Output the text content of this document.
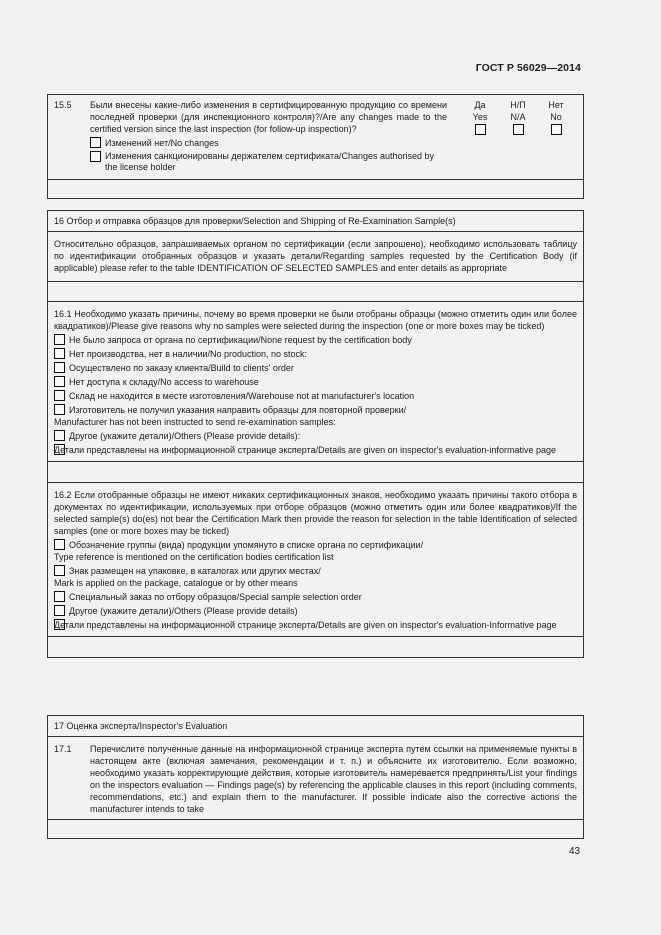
ГОСТ Р 56029—2014
15.5	Были внесены какие-либо изменения в сертифицированную продукцию со времени последней проверки (для инспекционного контроля)?/Are any changes made to the certified version since the last inspection (for follow-up inspection)?
Изменений нет/No changes
Изменения санкционированы держателем сертификата/Changes authorised by the license holder
Да
Yes
Н/П
N/A
Нет
No
16 Отбор и отправка образцов для проверки/Selection and Shipping of Re-Examination Sample(s)
Относительно образцов, запрашиваемых органом по сертификации (если запрошено), необходимо использовать таблицу по идентификации отобранных образцов и указать детали/Regarding samples requested by the Certification Body (if applicable) please refer to the table IDENTIFICATION OF SELECTED SAMPLES and enter details as appropriate
16.1 Необходимо указать причины, почему во время проверки не были отобраны образцы (можно отметить один или более квадратиков)/Please give reasons why no samples were selected during the inspection (one or more boxes may be ticked)
Не было запроса от органа по сертификации/None request by the certification body
Нет производства, нет в наличии/No production, no stock:
Осуществлено по заказу клиента/Build to clients' order
Нет доступа к складу/No access to warehouse
Склад не находится в месте изготовления/Warehouse not at manufacturer's location
Изготовитель не получил указания направить образцы для повторной проверки/
Manufacturer has not been instructed to send re-examination samples:
Другое (укажите детали)/Others (Please provide details):
Детали представлены на информационной странице эксперта/Details are given on inspector's evaluation-informative page
16.2 Если отобранные образцы не имеют никаких сертификационных знаков, необходимо указать причины такого отбора в документах по идентификации, используемых при отборе образцов (можно отметить один или более квадратиков)/If the selected sample(s) do(es) not bear the Certification Mark then provide the reason for selection in the table Identification of selected samples (one or more boxes may be ticked)
Обозначение группы (вида) продукции упомянуто в списке органа по сертификации/
Type reference is mentioned on the certification bodies certification list
Знак размещен на упаковке, в каталогах или других местах/
Mark is applied on the package, catalogue or by other means
Специальный заказ по отбору образцов/Special sample selection order
Другое (укажите детали)/Others (Please provide details)
Детали представлены на информационной странице эксперта/Details are given on inspector's evaluation-Informative page
17 Оценка эксперта/Inspector's Evaluation
17.1	Перечислите полученные данные на информационной странице эксперта путем ссылки на применяемые пункты в настоящем акте (включая замечания, рекомендации и т. п.) и объясните их изготовителю. Если возможно, необходимо указать корректирующие действия, которые изготовитель намеревается предпринять/List your findings on the inspectors evaluation — Findings page(s) by referencing the applicable clauses in this report (including comments, recommendations, etc.) and explain them to the manufacturer. If possible indicate also the corrective actions the manufacturer intends to take
43
